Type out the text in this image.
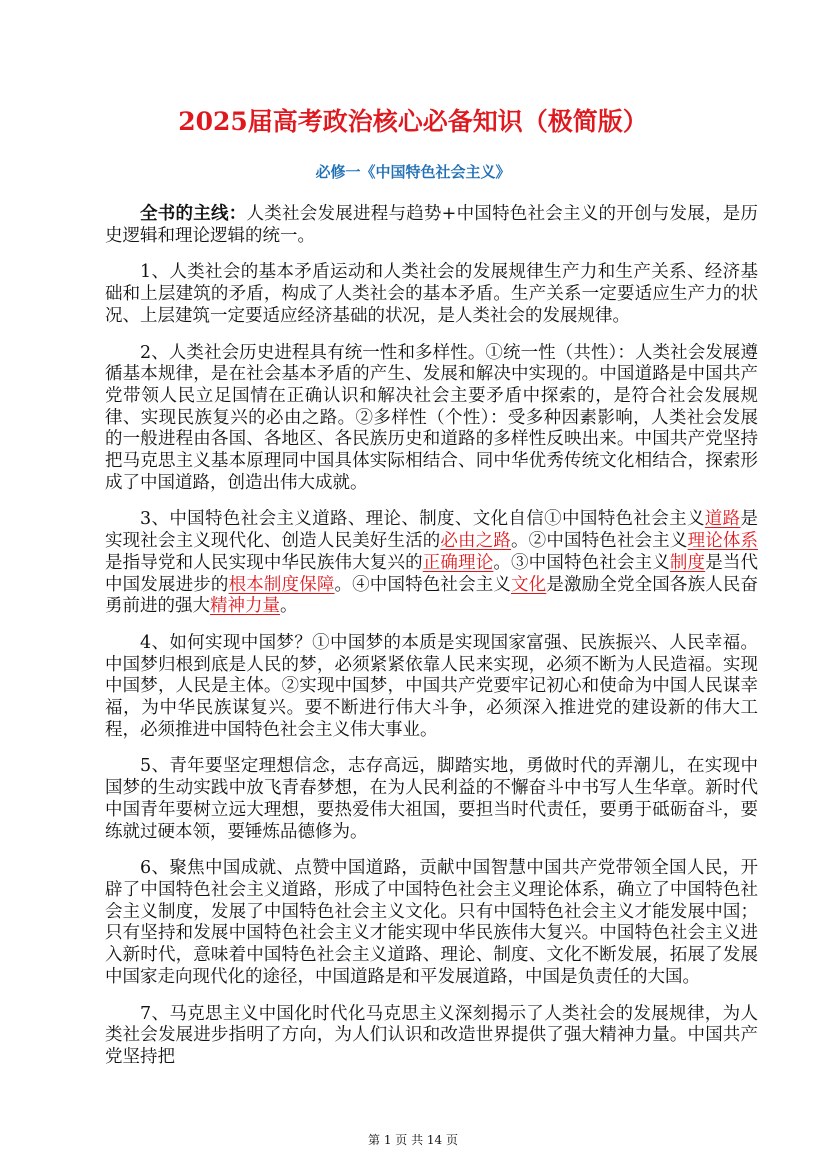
2025届高考政治核心必备知识（极简版）
必修一《中国特色社会主义》

全书的主线：人类社会发展进程与趋势+中国特色社会主义的开创与发展，是历史逻辑和理论逻辑的统一。

1、人类社会的基本矛盾运动和人类社会的发展规律生产力和生产关系、经济基础和上层建筑的矛盾，构成了人类社会的基本矛盾。生产关系一定要适应生产力的状况、上层建筑一定要适应经济基础的状况，是人类社会的发展规律。

2、人类社会历史进程具有统一性和多样性。①统一性（共性）：人类社会发展遵循基本规律，是在社会基本矛盾的产生、发展和解决中实现的。中国道路是中国共产党带领人民立足国情在正确认识和解决社会主要矛盾中探索的，是符合社会发展规律、实现民族复兴的必由之路。②多样性（个性）：受多种因素影响，人类社会发展的一般进程由各国、各地区、各民族历史和道路的多样性反映出来。中国共产党坚持把马克思主义基本原理同中国具体实际相结合、同中华优秀传统文化相结合，探索形成了中国道路，创造出伟大成就。

3、中国特色社会主义道路、理论、制度、文化自信①中国特色社会主义道路是实现社会主义现代化、创造人民美好生活的必由之路。②中国特色社会主义理论体系是指导党和人民实现中华民族伟大复兴的正确理论。③中国特色社会主义制度是当代中国发展进步的根本制度保障。④中国特色社会主义文化是激励全党全国各族人民奋勇前进的强大精神力量。

4、如何实现中国梦？①中国梦的本质是实现国家富强、民族振兴、人民幸福。中国梦归根到底是人民的梦，必须紧紧依靠人民来实现，必须不断为人民造福。实现中国梦，人民是主体。②实现中国梦，中国共产党要牢记初心和使命为中国人民谋幸福，为中华民族谋复兴。要不断进行伟大斗争，必须深入推进党的建设新的伟大工程，必须推进中国特色社会主义伟大事业。

5、青年要坚定理想信念，志存高远，脚踏实地，勇做时代的弄潮儿，在实现中国梦的生动实践中放飞青春梦想，在为人民利益的不懈奋斗中书写人生华章。新时代中国青年要树立远大理想，要热爱伟大祖国，要担当时代责任，要勇于砥砺奋斗，要练就过硬本领，要锤炼品德修为。

6、聚焦中国成就、点赞中国道路，贡献中国智慧中国共产党带领全国人民，开辟了中国特色社会主义道路，形成了中国特色社会主义理论体系，确立了中国特色社会主义制度，发展了中国特色社会主义文化。只有中国特色社会主义才能发展中国；只有坚持和发展中国特色社会主义才能实现中华民族伟大复兴。中国特色社会主义进入新时代，意味着中国特色社会主义道路、理论、制度、文化不断发展，拓展了发展中国家走向现代化的途径，中国道路是和平发展道路，中国是负责任的大国。

7、马克思主义中国化时代化马克思主义深刻揭示了人类社会的发展规律，为人类社会发展进步指明了方向，为人们认识和改造世界提供了强大精神力量。中国共产党坚持把

第 1 页 共 14 页
